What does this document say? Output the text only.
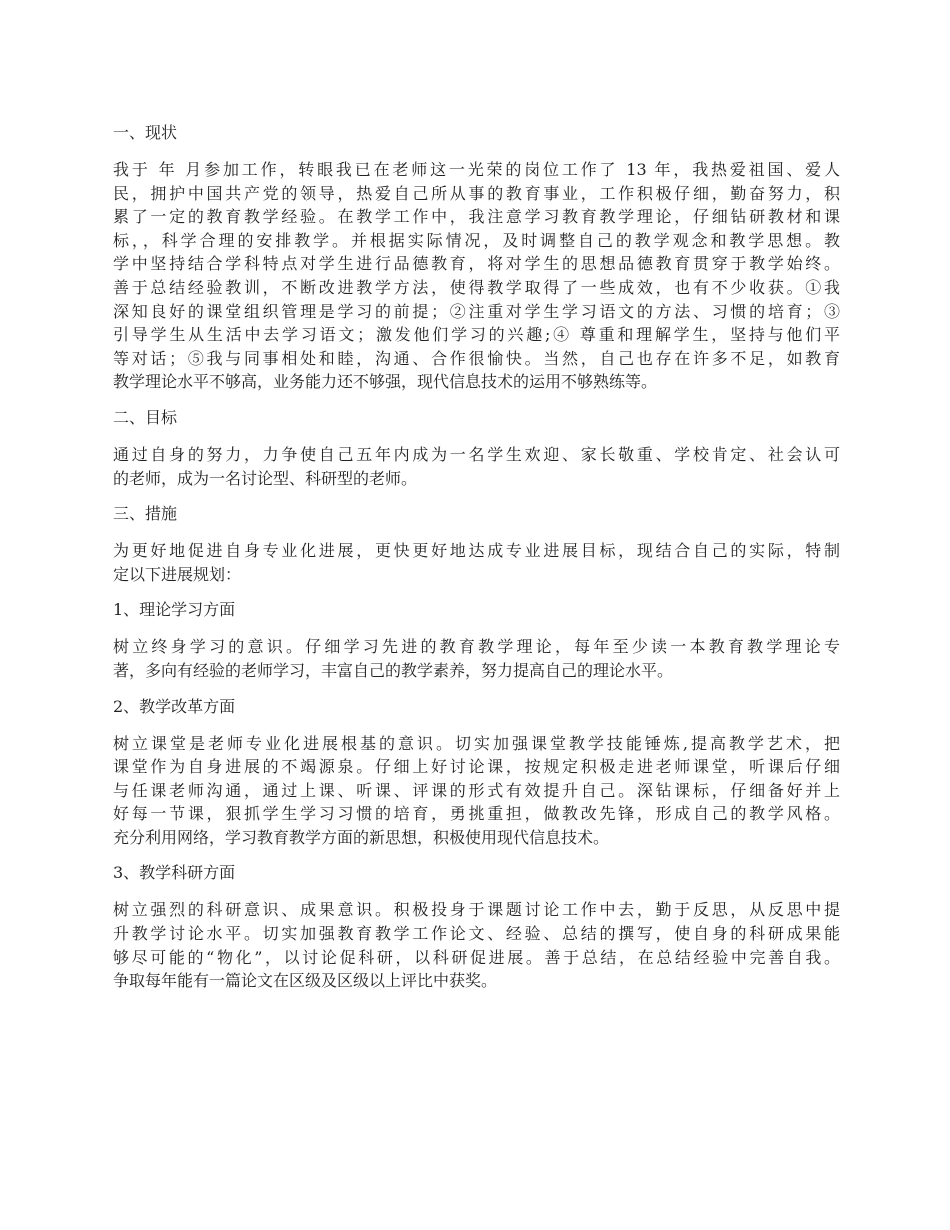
一、现状
我于 年 月参加工作，转眼我已在老师这一光荣的岗位工作了 13 年，我热爱祖国、爱人
民，拥护中国共产党的领导，热爱自己所从事的教育事业，工作积极仔细，勤奋努力，积
累了一定的教育教学经验。在教学工作中，我注意学习教育教学理论，仔细钻研教材和课
标，，科学合理的安排教学。并根据实际情况，及时调整自己的教学观念和教学思想。教
学中坚持结合学科特点对学生进行品德教育，将对学生的思想品德教育贯穿于教学始终。
善于总结经验教训，不断改进教学方法，使得教学取得了一些成效，也有不少收获。①我
深知良好的课堂组织管理是学习的前提；②注重对学生学习语文的方法、习惯的培育；③
引导学生从生活中去学习语文；激发他们学习的兴趣;④ 尊重和理解学生，坚持与他们平
等对话；⑤我与同事相处和睦，沟通、合作很愉快。当然，自己也存在许多不足，如教育
教学理论水平不够高，业务能力还不够强，现代信息技术的运用不够熟练等。
二、目标
通过自身的努力，力争使自己五年内成为一名学生欢迎、家长敬重、学校肯定、社会认可
的老师，成为一名讨论型、科研型的老师。
三、措施
为更好地促进自身专业化进展，更快更好地达成专业进展目标，现结合自己的实际，特制
定以下进展规划：
1、理论学习方面
树立终身学习的意识。仔细学习先进的教育教学理论，每年至少读一本教育教学理论专
著，多向有经验的老师学习，丰富自己的教学素养，努力提高自己的理论水平。
2、教学改革方面
树立课堂是老师专业化进展根基的意识。切实加强课堂教学技能锤炼,提高教学艺术，把
课堂作为自身进展的不竭源泉。仔细上好讨论课，按规定积极走进老师课堂，听课后仔细
与任课老师沟通，通过上课、听课、评课的形式有效提升自己。深钻课标，仔细备好并上
好每一节课，狠抓学生学习习惯的培育，勇挑重担，做教改先锋，形成自己的教学风格。
充分利用网络，学习教育教学方面的新思想，积极使用现代信息技术。
3、教学科研方面
树立强烈的科研意识、成果意识。积极投身于课题讨论工作中去，勤于反思，从反思中提
升教学讨论水平。切实加强教育教学工作论文、经验、总结的撰写，使自身的科研成果能
够尽可能的“物化”，以讨论促科研，以科研促进展。善于总结，在总结经验中完善自我。
争取每年能有一篇论文在区级及区级以上评比中获奖。
